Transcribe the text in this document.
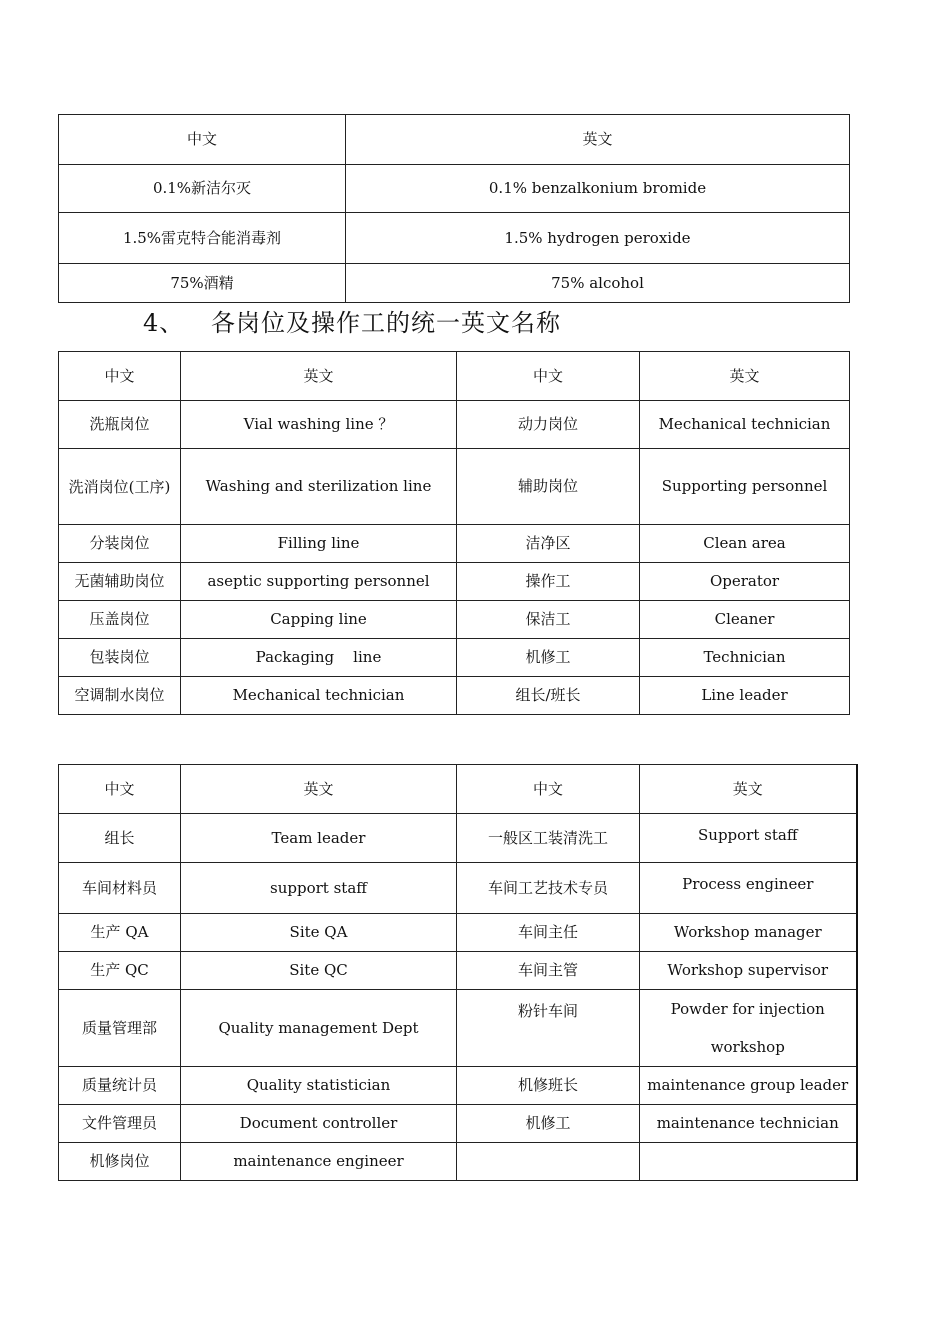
中文	英文
0.1%新洁尔灭	0.1% benzalkonium bromide
1.5%雷克特合能消毒剂	1.5% hydrogen peroxide
75%酒精	75% alcohol
4、 各岗位及操作工的统一英文名称
中文	英文	中文	英文
洗瓶岗位	Vial washing line ？	动力岗位	Mechanical technician
洗消岗位(工序)	Washing and sterilization line	辅助岗位	Supporting personnel
分装岗位	Filling line	洁净区	Clean area
无菌辅助岗位	aseptic supporting personnel	操作工	Operator
压盖岗位	Capping line	保洁工	Cleaner
包装岗位	Packaging    line	机修工	Technician
空调制水岗位	Mechanical technician	组长/班长	Line leader
中文	英文	中文	英文
组长	Team leader	一般区工装清洗工	Support staff
车间材料员	support staff	车间工艺技术专员	Process engineer
生产 QA	Site QA	车间主任	Workshop manager
生产 QC	Site QC	车间主管	Workshop supervisor
质量管理部	Quality management Dept	粉针车间	Powder for injection workshop
质量统计员	Quality statistician	机修班长	maintenance group leader
文件管理员	Document controller	机修工	maintenance technician
机修岗位	maintenance engineer		
